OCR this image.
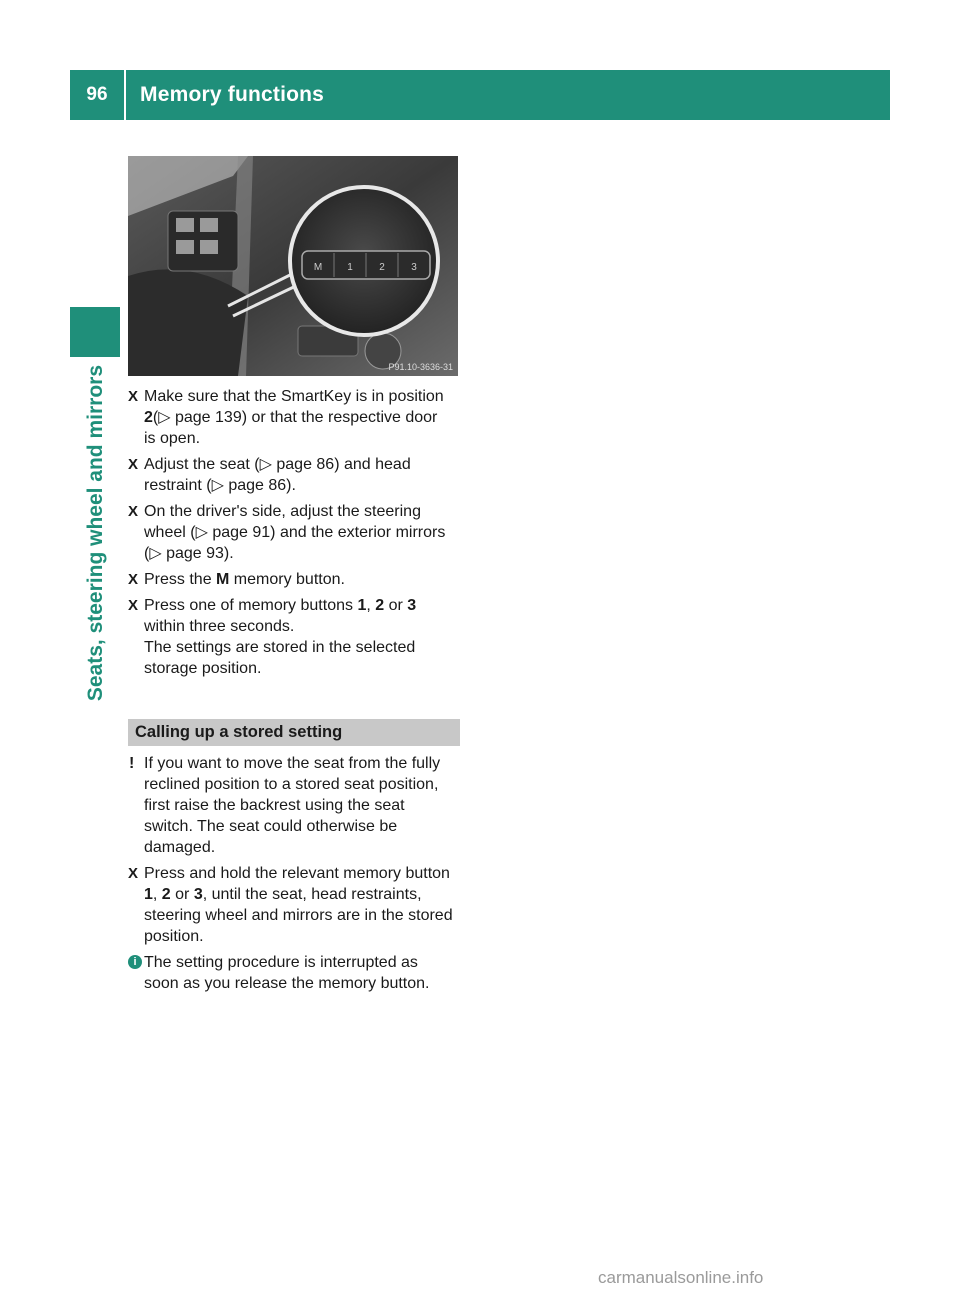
96	Memory functions
Seats, steering wheel and mirrors
M	1	2	3
P91.10-3636-31
X Make sure that the SmartKey is in position
2(▷ page 139) or that the respective door
is open.
X Adjust the seat (▷ page 86) and head
restraint (▷ page 86).
X On the driver's side, adjust the steering
wheel (▷ page 91) and the exterior mirrors
(▷ page 93).
X Press the M memory button.
X Press one of memory buttons 1, 2 or 3
within three seconds.
The settings are stored in the selected
storage position.
Calling up a stored setting
! If you want to move the seat from the fully
reclined position to a stored seat position,
first raise the backrest using the seat
switch. The seat could otherwise be
damaged.
X Press and hold the relevant memory button
1, 2 or 3, until the seat, head restraints,
steering wheel and mirrors are in the stored
position.
i The setting procedure is interrupted as
soon as you release the memory button.
carmanualsonline.info
